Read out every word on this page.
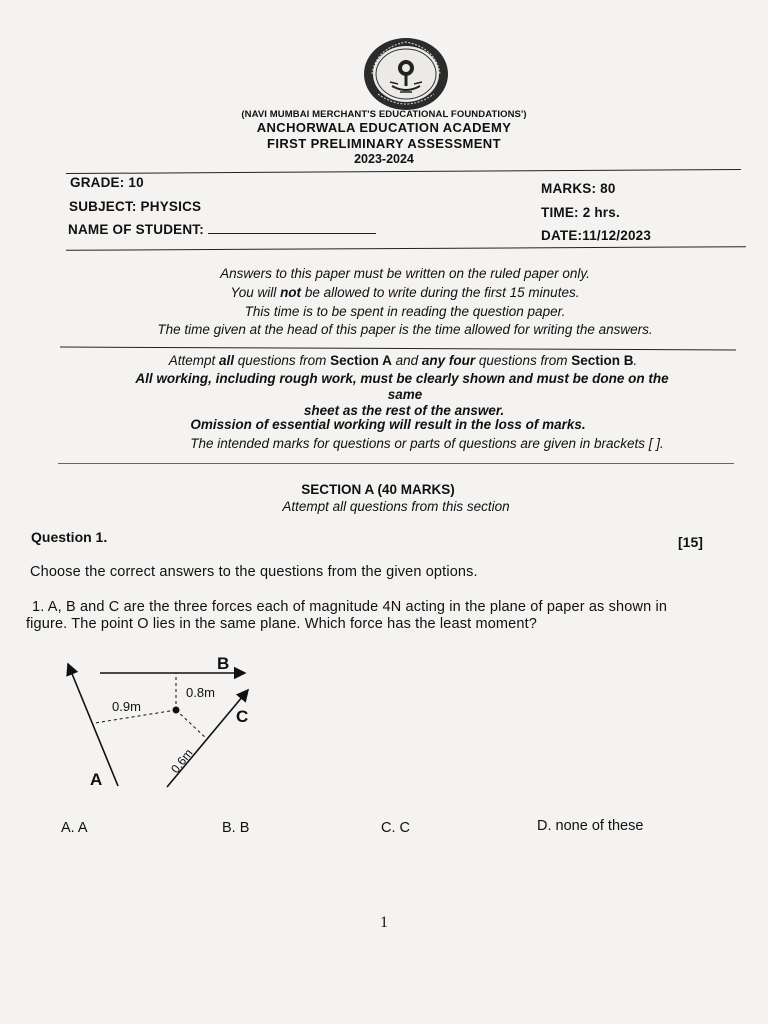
(NAVI MUMBAI MERCHANT'S EDUCATIONAL FOUNDATIONS')
ANCHORWALA EDUCATION ACADEMY
FIRST PRELIMINARY ASSESSMENT
2023-2024
GRADE: 10
SUBJECT: PHYSICS
NAME OF STUDENT:
MARKS: 80
TIME: 2 hrs.
DATE:11/12/2023
Answers to this paper must be written on the ruled paper only.
You will not be allowed to write during the first 15 minutes.
This time is to be spent in reading the question paper.
The time given at the head of this paper is the time allowed for writing the answers.
Attempt all questions from Section A and any four questions from Section B.
All working, including rough work, must be clearly shown and must be done on the
same
sheet as the rest of the answer.
Omission of essential working will result in the loss of marks.
The intended marks for questions or parts of questions are given in brackets [ ].
SECTION A (40 MARKS)
Attempt all questions from this section
Question 1.	[15]
Choose the correct answers to the questions from the given options.
1. A, B and C are the three forces each of magnitude 4N acting in the plane of paper as shown in
figure. The point O lies in the same plane. Which force has the least moment?
A
B
C
0.9m
0.8m
0.6m
A. A	B. B	C. C	D. none of these
1
